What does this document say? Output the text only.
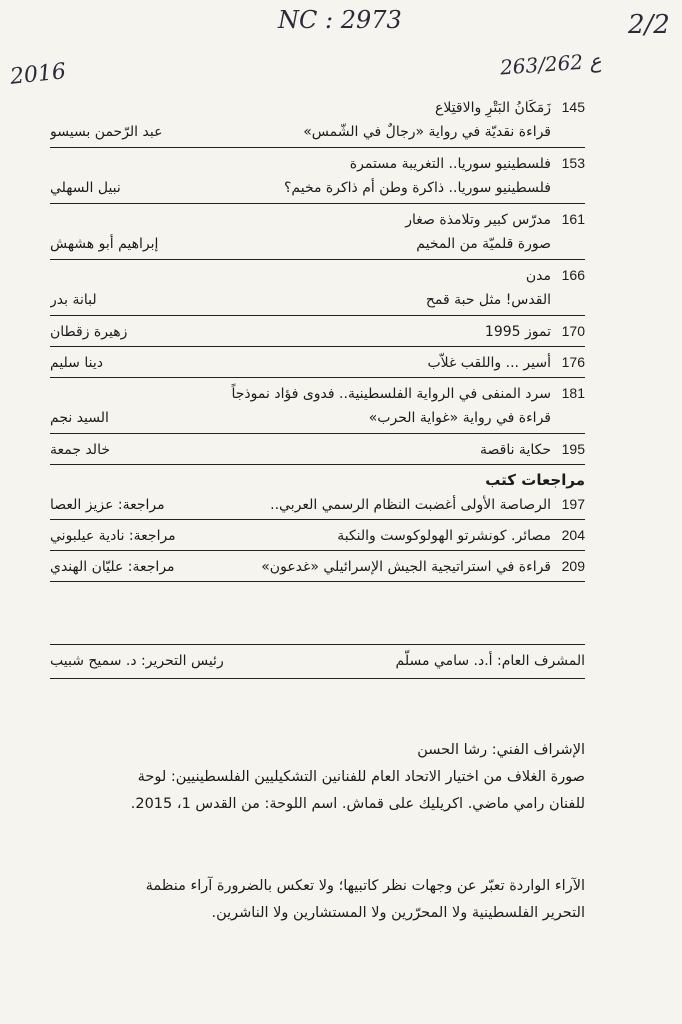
NC : 2973	2/2
2016	263/262 ع
145
زَمَكَانُ البَتْرِ والاقتِلاع
قراءة نقديّة في رواية «رجالٌ في الشّمس»
عبد الرّحمن بسيسو
153
فلسطينيو سوريا.. التغريبة مستمرة
فلسطينيو سوريا.. ذاكرة وطن أم ذاكرة مخيم؟
نبيل السهلي
161
مدرّس كبير وتلامذة صغار
صورة قلميّة من المخيم
إبراهيم أبو هشهش
166
مدن
القدس! مثل حبة قمح
لبانة بدر
170
تموز 1995
زهيرة زقطان
176
أسير ... واللقب غلاّب
دينا سليم
181
سرد المنفى في الرواية الفلسطينية.. فدوى فؤاد نموذجاً
قراءة في رواية «غواية الحرب»
السيد نجم
195
حكاية ناقصة
خالد جمعة
مراجعات كتب
197
الرصاصة الأولى أغضبت النظام الرسمي العربي..
مراجعة: عزيز العصا
204
مصائر. كونشرتو الهولوكوست والنكبة
مراجعة: نادية عيلبوني
209
قراءة في استراتيجية الجيش الإسرائيلي «غدعون»
مراجعة: عليّان الهندي
المشرف العام: أ.د. سامي مسلّم
رئيس التحرير: د. سميح شبيب
الإشراف الفني: رشا الحسن
صورة الغلاف من اختيار الاتحاد العام للفنانين التشكيليين الفلسطينيين: لوحة
للفنان رامي ماضي. اكريليك على قماش. اسم اللوحة: من القدس 1، 2015.
الآراء الواردة تعبّر عن وجهات نظر كاتبيها؛ ولا تعكس بالضرورة آراء منظمة
التحرير الفلسطينية ولا المحرّرين ولا المستشارين ولا الناشرين.
